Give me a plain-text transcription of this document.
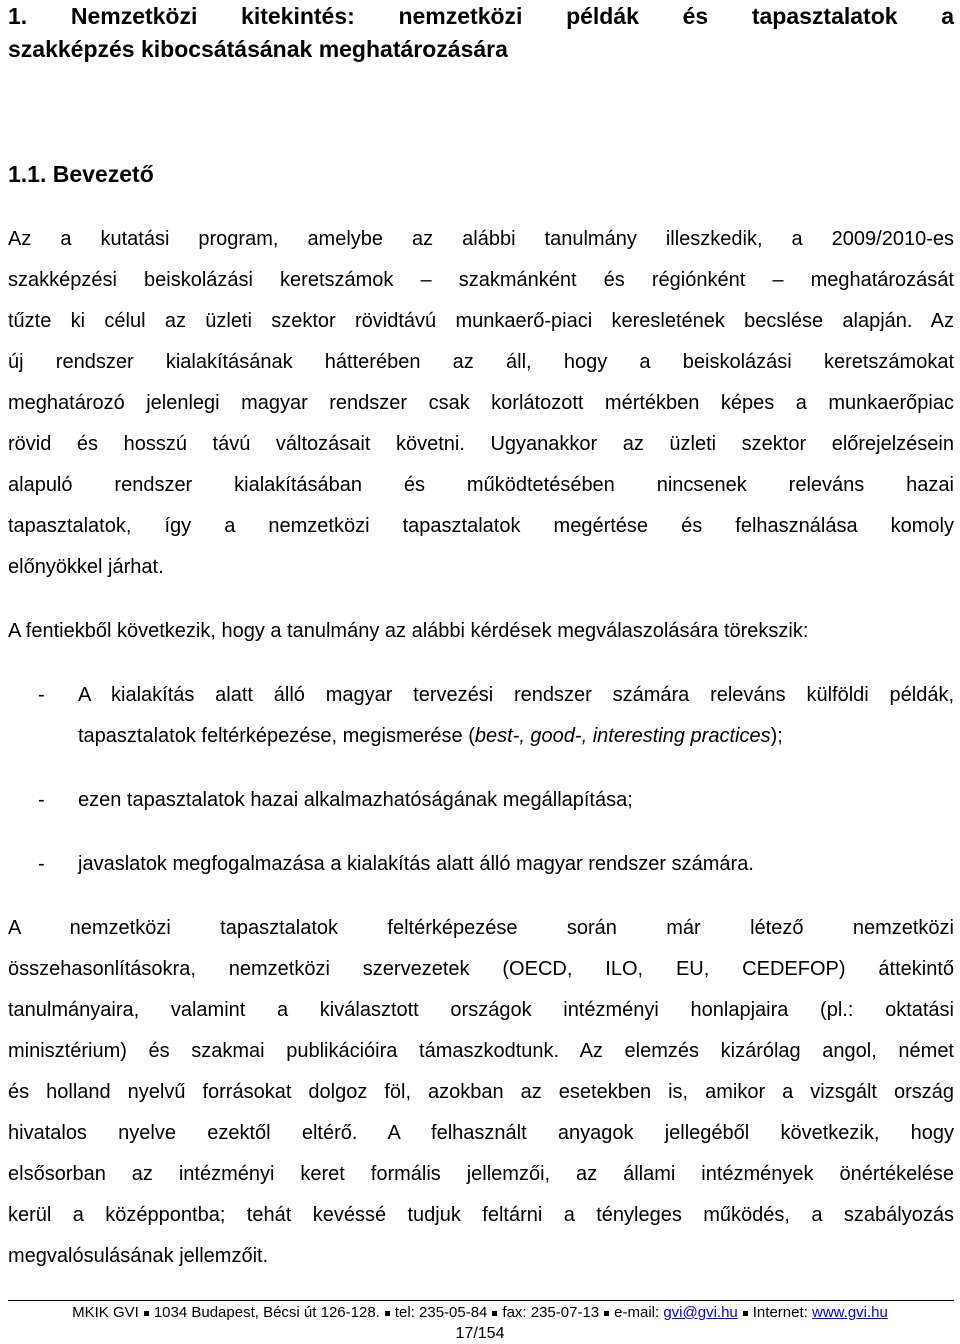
1. Nemzetközi kitekintés: nemzetközi példák és tapasztalatok a
szakképzés kibocsátásának meghatározására
1.1. Bevezető
Az a kutatási program, amelybe az alábbi tanulmány illeszkedik, a 2009/2010-es
szakképzési beiskolázási keretszámok – szakmánként és régiónként – meghatározását
tűzte ki célul az üzleti szektor rövidtávú munkaerő-piaci keresletének becslése alapján. Az
új rendszer kialakításának hátterében az áll, hogy a beiskolázási keretszámokat
meghatározó jelenlegi magyar rendszer csak korlátozott mértékben képes a munkaerőpiac
rövid és hosszú távú változásait követni. Ugyanakkor az üzleti szektor előrejelzésein
alapuló rendszer kialakításában és működtetésében nincsenek releváns hazai
tapasztalatok, így a nemzetközi tapasztalatok megértése és felhasználása komoly
előnyökkel járhat.
A fentiekből következik, hogy a tanulmány az alábbi kérdések megválaszolására törekszik:
- A kialakítás alatt álló magyar tervezési rendszer számára releváns külföldi példák,
tapasztalatok feltérképezése, megismerése (best-, good-, interesting practices);
- ezen tapasztalatok hazai alkalmazhatóságának megállapítása;
- javaslatok megfogalmazása a kialakítás alatt álló magyar rendszer számára.
A nemzetközi tapasztalatok feltérképezése során már létező nemzetközi
összehasonlításokra, nemzetközi szervezetek (OECD, ILO, EU, CEDEFOP) áttekintő
tanulmányaira, valamint a kiválasztott országok intézményi honlapjaira (pl.: oktatási
minisztérium) és szakmai publikációira támaszkodtunk. Az elemzés kizárólag angol, német
és holland nyelvű forrásokat dolgoz föl, azokban az esetekben is, amikor a vizsgált ország
hivatalos nyelve ezektől eltérő. A felhasznált anyagok jellegéből következik, hogy
elsősorban az intézményi keret formális jellemzői, az állami intézmények önértékelése
kerül a középpontba; tehát kevéssé tudjuk feltárni a tényleges működés, a szabályozás
megvalósulásának jellemzőit.
MKIK GVI 1034 Budapest, Bécsi út 126-128. tel: 235-05-84 fax: 235-07-13 e-mail: gvi@gvi.hu Internet: www.gvi.hu
17/154
